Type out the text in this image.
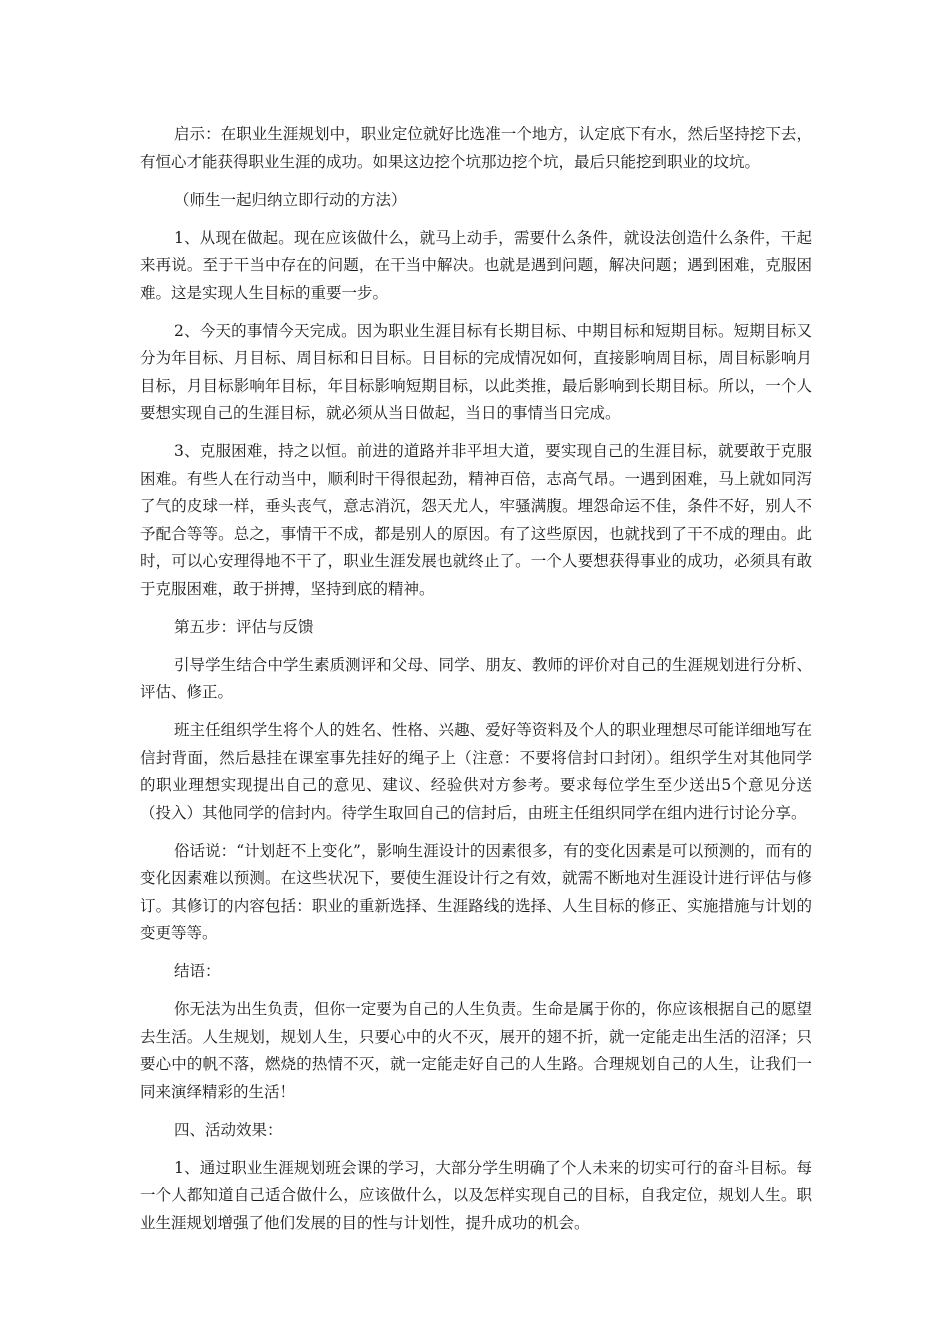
启示：在职业生涯规划中，职业定位就好比选准一个地方，认定底下有水，然后坚持挖下去，有恒心才能获得职业生涯的成功。如果这边挖个坑那边挖个坑，最后只能挖到职业的坟坑。

（师生一起归纳立即行动的方法）

1、从现在做起。现在应该做什么，就马上动手，需要什么条件，就设法创造什么条件，干起来再说。至于干当中存在的问题，在干当中解决。也就是遇到问题，解决问题；遇到困难，克服困难。这是实现人生目标的重要一步。

2、今天的事情今天完成。因为职业生涯目标有长期目标、中期目标和短期目标。短期目标又分为年目标、月目标、周目标和日目标。日目标的完成情况如何，直接影响周目标，周目标影响月目标，月目标影响年目标，年目标影响短期目标，以此类推，最后影响到长期目标。所以，一个人要想实现自己的生涯目标，就必须从当日做起，当日的事情当日完成。

3、克服困难，持之以恒。前进的道路并非平坦大道，要实现自己的生涯目标，就要敢于克服困难。有些人在行动当中，顺利时干得很起劲，精神百倍，志高气昂。一遇到困难，马上就如同泻了气的皮球一样，垂头丧气，意志消沉，怨天尤人，牢骚满腹。埋怨命运不佳，条件不好，别人不予配合等等。总之，事情干不成，都是别人的原因。有了这些原因，也就找到了干不成的理由。此时，可以心安理得地不干了，职业生涯发展也就终止了。一个人要想获得事业的成功，必须具有敢于克服困难，敢于拼搏，坚持到底的精神。

第五步：评估与反馈

引导学生结合中学生素质测评和父母、同学、朋友、教师的评价对自己的生涯规划进行分析、评估、修正。

班主任组织学生将个人的姓名、性格、兴趣、爱好等资料及个人的职业理想尽可能详细地写在信封背面，然后悬挂在课室事先挂好的绳子上（注意：不要将信封口封闭）。组织学生对其他同学的职业理想实现提出自己的意见、建议、经验供对方参考。要求每位学生至少送出5个意见分送（投入）其他同学的信封内。待学生取回自己的信封后，由班主任组织同学在组内进行讨论分享。

俗话说：“计划赶不上变化”，影响生涯设计的因素很多，有的变化因素是可以预测的，而有的变化因素难以预测。在这些状况下，要使生涯设计行之有效，就需不断地对生涯设计进行评估与修订。其修订的内容包括：职业的重新选择、生涯路线的选择、人生目标的修正、实施措施与计划的变更等等。

结语：

你无法为出生负责，但你一定要为自己的人生负责。生命是属于你的，你应该根据自己的愿望去生活。人生规划，规划人生，只要心中的火不灭，展开的翅不折，就一定能走出生活的沼泽；只要心中的帆不落，燃烧的热情不灭，就一定能走好自己的人生路。合理规划自己的人生，让我们一同来演绎精彩的生活！

四、活动效果：

1、通过职业生涯规划班会课的学习，大部分学生明确了个人未来的切实可行的奋斗目标。每一个人都知道自己适合做什么，应该做什么，以及怎样实现自己的目标，自我定位，规划人生。职业生涯规划增强了他们发展的目的性与计划性，提升成功的机会。
